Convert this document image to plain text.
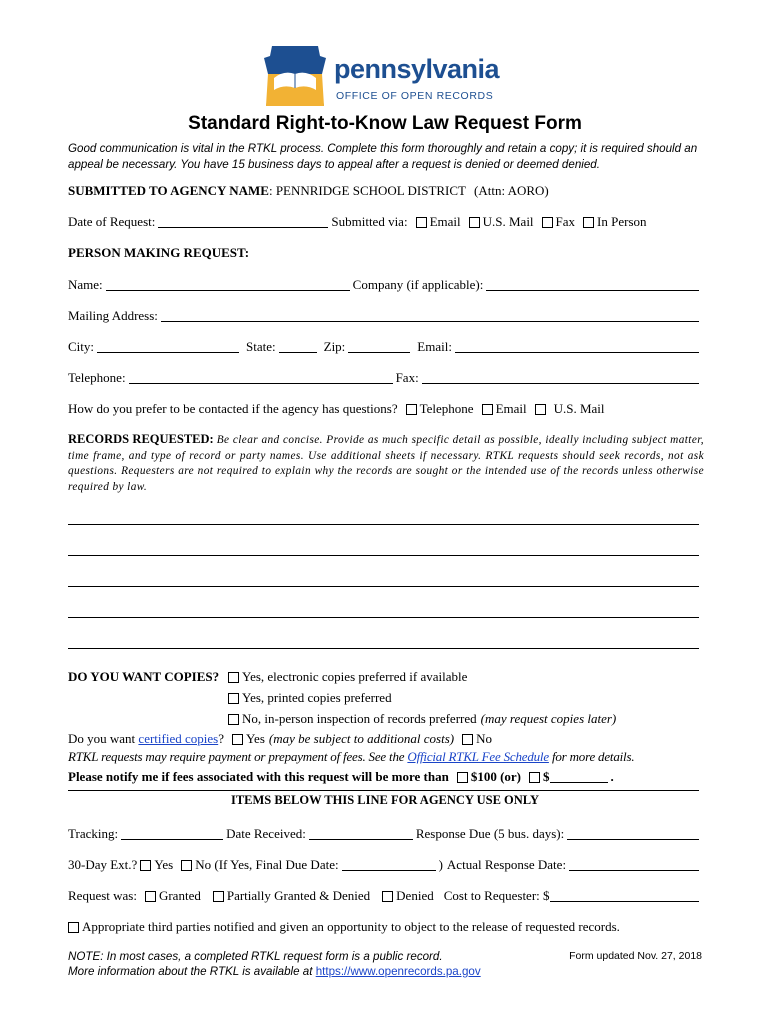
pennsylvania
OFFICE OF OPEN RECORDS
Standard Right-to-Know Law Request Form
Good communication is vital in the RTKL process. Complete this form thoroughly and retain a copy; it is required should an appeal be necessary. You have 15 business days to appeal after a request is denied or deemed denied.
SUBMITTED TO AGENCY NAME : PENNRIDGE SCHOOL DISTRICT (Attn: AORO)
Date of Request:	Submitted via: Email U.S. Mail Fax In Person
PERSON MAKING REQUEST:
Name:	Company (if applicable):
Mailing Address:
City:	State:	Zip:	Email:
Telephone:	Fax:
How do you prefer to be contacted if the agency has questions? Telephone Email U.S. Mail
RECORDS REQUESTED: Be clear and concise. Provide as much specific detail as possible, ideally including subject matter, time frame, and type of record or party names. Use additional sheets if necessary. RTKL requests should seek records, not ask questions. Requesters are not required to explain why the records are sought or the intended use of the records unless otherwise required by law.
DO YOU WANT COPIES?	Yes, electronic copies preferred if available
Yes, printed copies preferred
No, in-person inspection of records preferred (may request copies later)
Do you want certified copies ? Yes (may be subject to additional costs) No
RTKL requests may require payment or prepayment of fees. See the Official RTKL Fee Schedule for more details.
Please notify me if fees associated with this request will be more than $100 (or) $	.
ITEMS BELOW THIS LINE FOR AGENCY USE ONLY
Tracking:	Date Received:	Response Due (5 bus. days):
30-Day Ext.? Yes No (If Yes, Final Due Date:	) Actual Response Date:
Request was: Granted Partially Granted & Denied Denied Cost to Requester: $
Appropriate third parties notified and given an opportunity to object to the release of requested records.
NOTE: In most cases, a completed RTKL request form is a public record.
More information about the RTKL is available at https://www.openrecords.pa.gov
Form updated Nov. 27, 2018
